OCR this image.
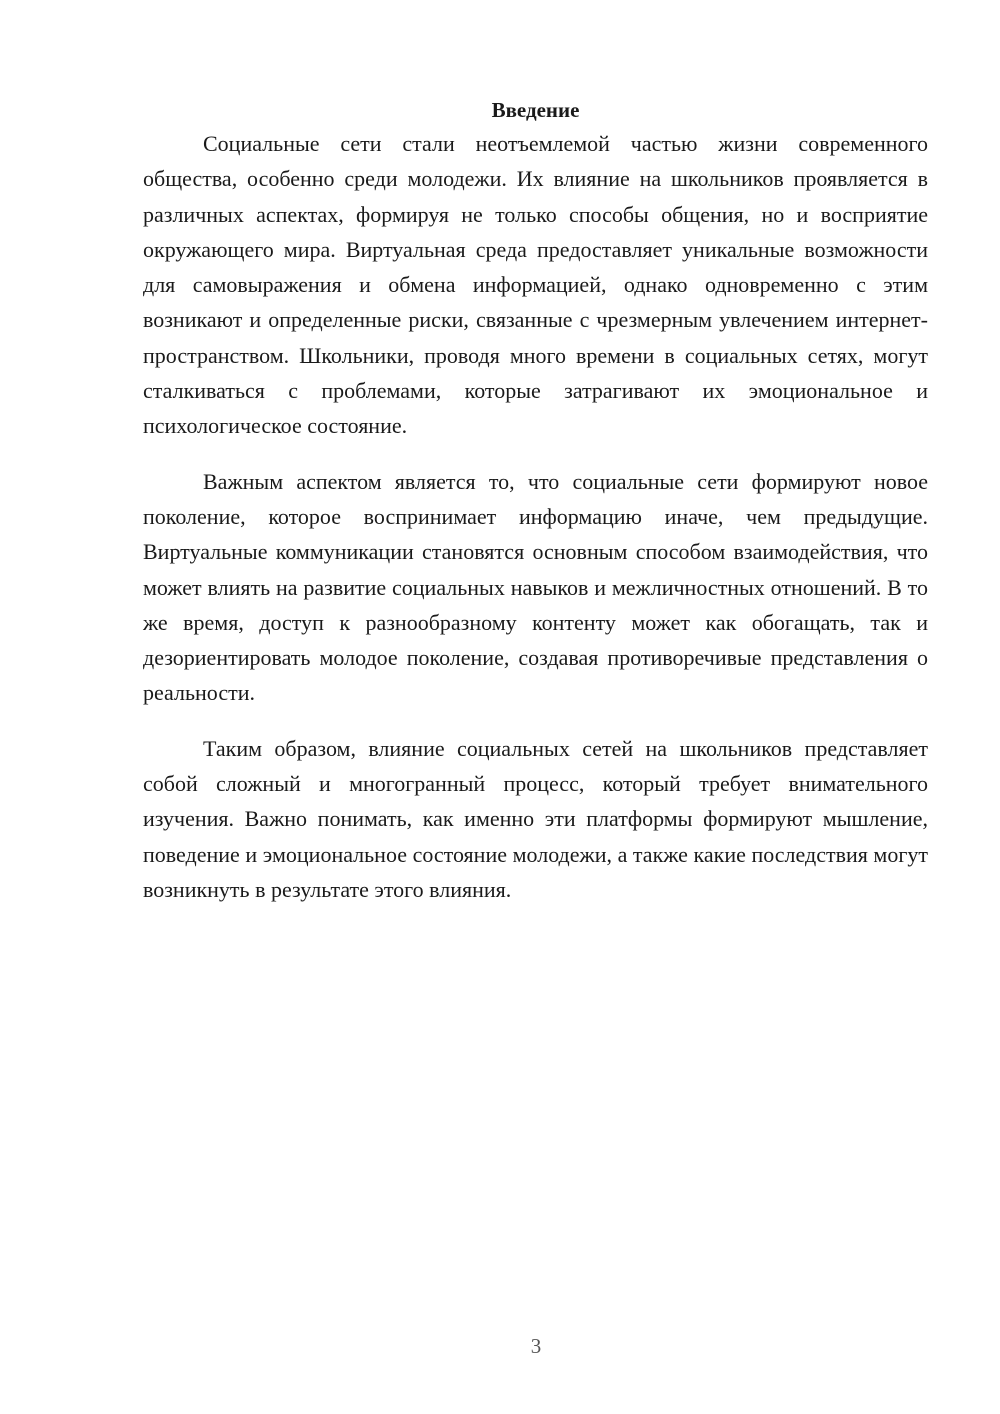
Введение

Социальные сети стали неотъемлемой частью жизни современного общества, особенно среди молодежи. Их влияние на школьников проявляется в различных аспектах, формируя не только способы общения, но и восприятие окружающего мира. Виртуальная среда предоставляет уникальные возможности для самовыражения и обмена информацией, однако одновременно с этим возникают и определенные риски, связанные с чрезмерным увлечением интернет-пространством. Школьники, проводя много времени в социальных сетях, могут сталкиваться с проблемами, которые затрагивают их эмоциональное и психологическое состояние.

Важным аспектом является то, что социальные сети формируют новое поколение, которое воспринимает информацию иначе, чем предыдущие. Виртуальные коммуникации становятся основным способом взаимодействия, что может влиять на развитие социальных навыков и межличностных отношений. В то же время, доступ к разнообразному контенту может как обогащать, так и дезориентировать молодое поколение, создавая противоречивые представления о реальности.

Таким образом, влияние социальных сетей на школьников представляет собой сложный и многогранный процесс, который требует внимательного изучения. Важно понимать, как именно эти платформы формируют мышление, поведение и эмоциональное состояние молодежи, а также какие последствия могут возникнуть в результате этого влияния.

3
